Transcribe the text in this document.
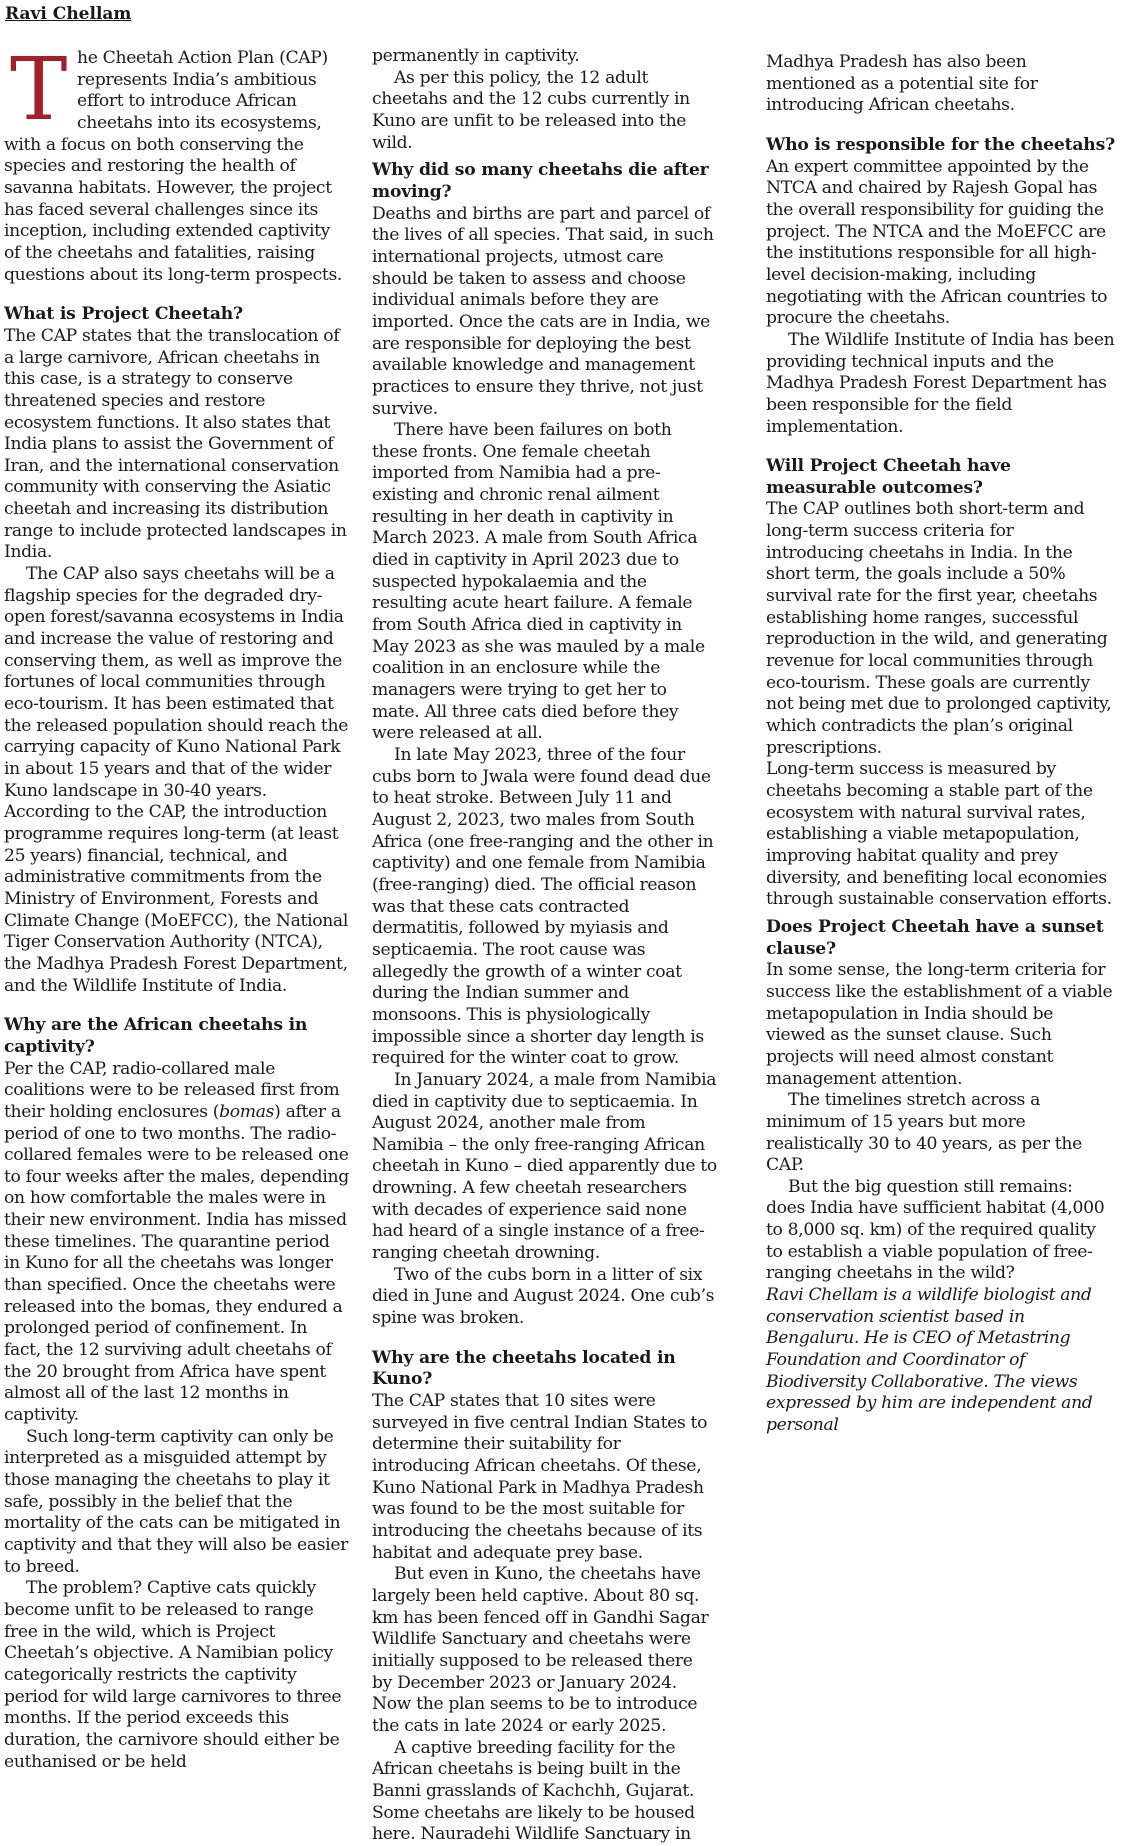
Ravi Chellam

The Cheetah Action Plan (CAP) represents India’s ambitious effort to introduce African cheetahs into its ecosystems, with a focus on both conserving the species and restoring the health of savanna habitats. However, the project has faced several challenges since its inception, including extended captivity of the cheetahs and fatalities, raising questions about its long-term prospects.

What is Project Cheetah?

The CAP states that the translocation of a large carnivore, African cheetahs in this case, is a strategy to conserve threatened species and restore ecosystem functions. It also states that India plans to assist the Government of Iran, and the international conservation community with conserving the Asiatic cheetah and increasing its distribution range to include protected landscapes in India.

The CAP also says cheetahs will be a flagship species for the degraded dry-open forest/savanna ecosystems in India and increase the value of restoring and conserving them, as well as improve the fortunes of local communities through eco-tourism. It has been estimated that the released population should reach the carrying capacity of Kuno National Park in about 15 years and that of the wider Kuno landscape in 30-40 years. According to the CAP, the introduction programme requires long-term (at least 25 years) financial, technical, and administrative commitments from the Ministry of Environment, Forests and Climate Change (MoEFCC), the National Tiger Conservation Authority (NTCA), the Madhya Pradesh Forest Department, and the Wildlife Institute of India.

Why are the African cheetahs in captivity?

Per the CAP, radio-collared male coalitions were to be released first from their holding enclosures (bomas) after a period of one to two months. The radio-collared females were to be released one to four weeks after the males, depending on how comfortable the males were in their new environment. India has missed these timelines. The quarantine period in Kuno for all the cheetahs was longer than specified. Once the cheetahs were released into the bomas, they endured a prolonged period of confinement. In fact, the 12 surviving adult cheetahs of the 20 brought from Africa have spent almost all of the last 12 months in captivity.

Such long-term captivity can only be interpreted as a misguided attempt by those managing the cheetahs to play it safe, possibly in the belief that the mortality of the cats can be mitigated in captivity and that they will also be easier to breed.

The problem? Captive cats quickly become unfit to be released to range free in the wild, which is Project Cheetah’s objective. A Namibian policy categorically restricts the captivity period for wild large carnivores to three months. If the period exceeds this duration, the carnivore should either be euthanised or be held

permanently in captivity.

As per this policy, the 12 adult cheetahs and the 12 cubs currently in Kuno are unfit to be released into the wild.

Why did so many cheetahs die after moving?

Deaths and births are part and parcel of the lives of all species. That said, in such international projects, utmost care should be taken to assess and choose individual animals before they are imported. Once the cats are in India, we are responsible for deploying the best available knowledge and management practices to ensure they thrive, not just survive.

There have been failures on both these fronts. One female cheetah imported from Namibia had a pre-existing and chronic renal ailment resulting in her death in captivity in March 2023. A male from South Africa died in captivity in April 2023 due to suspected hypokalaemia and the resulting acute heart failure. A female from South Africa died in captivity in May 2023 as she was mauled by a male coalition in an enclosure while the managers were trying to get her to mate. All three cats died before they were released at all.

In late May 2023, three of the four cubs born to Jwala were found dead due to heat stroke. Between July 11 and August 2, 2023, two males from South Africa (one free-ranging and the other in captivity) and one female from Namibia (free-ranging) died. The official reason was that these cats contracted dermatitis, followed by myiasis and septicaemia. The root cause was allegedly the growth of a winter coat during the Indian summer and monsoons. This is physiologically impossible since a shorter day length is required for the winter coat to grow.

In January 2024, a male from Namibia died in captivity due to septicaemia. In August 2024, another male from Namibia – the only free-ranging African cheetah in Kuno – died apparently due to drowning. A few cheetah researchers with decades of experience said none had heard of a single instance of a free-ranging cheetah drowning.

Two of the cubs born in a litter of six died in June and August 2024. One cub’s spine was broken.

Why are the cheetahs located in Kuno?

The CAP states that 10 sites were surveyed in five central Indian States to determine their suitability for introducing African cheetahs. Of these, Kuno National Park in Madhya Pradesh was found to be the most suitable for introducing the cheetahs because of its habitat and adequate prey base.

But even in Kuno, the cheetahs have largely been held captive. About 80 sq. km has been fenced off in Gandhi Sagar Wildlife Sanctuary and cheetahs were initially supposed to be released there by December 2023 or January 2024. Now the plan seems to be to introduce the cats in late 2024 or early 2025.

A captive breeding facility for the African cheetahs is being built in the Banni grasslands of Kachchh, Gujarat. Some cheetahs are likely to be housed here. Nauradehi Wildlife Sanctuary in

Madhya Pradesh has also been mentioned as a potential site for introducing African cheetahs.

Who is responsible for the cheetahs?

An expert committee appointed by the NTCA and chaired by Rajesh Gopal has the overall responsibility for guiding the project. The NTCA and the MoEFCC are the institutions responsible for all high-level decision-making, including negotiating with the African countries to procure the cheetahs.

The Wildlife Institute of India has been providing technical inputs and the Madhya Pradesh Forest Department has been responsible for the field implementation.

Will Project Cheetah have measurable outcomes?

The CAP outlines both short-term and long-term success criteria for introducing cheetahs in India. In the short term, the goals include a 50% survival rate for the first year, cheetahs establishing home ranges, successful reproduction in the wild, and generating revenue for local communities through eco-tourism. These goals are currently not being met due to prolonged captivity, which contradicts the plan’s original prescriptions.

Long-term success is measured by cheetahs becoming a stable part of the ecosystem with natural survival rates, establishing a viable metapopulation, improving habitat quality and prey diversity, and benefiting local economies through sustainable conservation efforts.

Does Project Cheetah have a sunset clause?

In some sense, the long-term criteria for success like the establishment of a viable metapopulation in India should be viewed as the sunset clause. Such projects will need almost constant management attention.

The timelines stretch across a minimum of 15 years but more realistically 30 to 40 years, as per the CAP.

But the big question still remains: does India have sufficient habitat (4,000 to 8,000 sq. km) of the required quality to establish a viable population of free-ranging cheetahs in the wild?

Ravi Chellam is a wildlife biologist and conservation scientist based in Bengaluru. He is CEO of Metastring Foundation and Coordinator of Biodiversity Collaborative. The views expressed by him are independent and personal
